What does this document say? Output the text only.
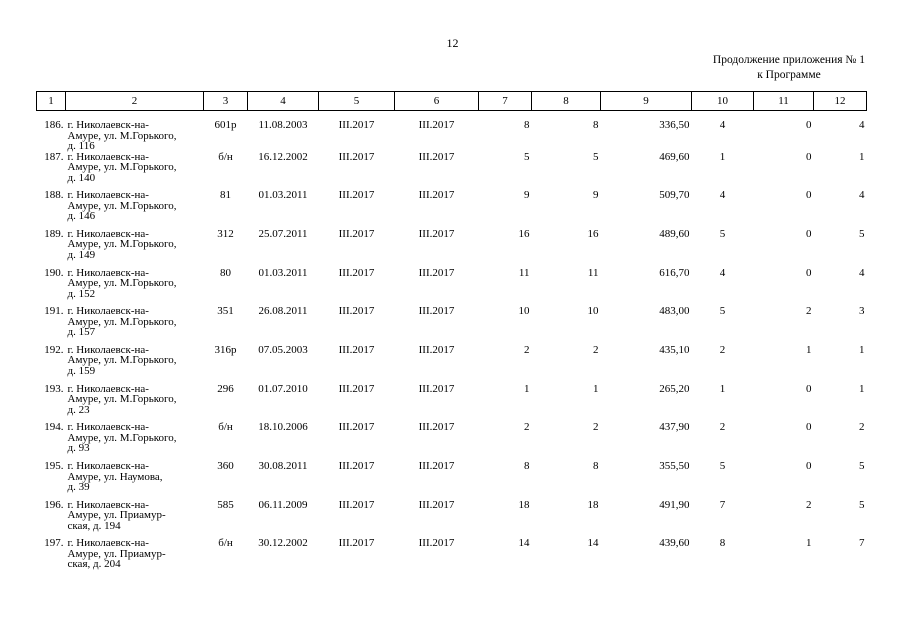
12
Продолжение приложения № 1
к Программе
1	2	3	4	5	6	7	8	9	10	11	12
186.	г. Николаевск-на-
Амуре, ул. М.Горького,
д. 116	601р	11.08.2003	III.2017	III.2017	8	8	336,50	4	0	4
187.	г. Николаевск-на-
Амуре, ул. М.Горького,
д. 140	б/н	16.12.2002	III.2017	III.2017	5	5	469,60	1	0	1
188.	г. Николаевск-на-
Амуре, ул. М.Горького,
д. 146	81	01.03.2011	III.2017	III.2017	9	9	509,70	4	0	4
189.	г. Николаевск-на-
Амуре, ул. М.Горького,
д. 149	312	25.07.2011	III.2017	III.2017	16	16	489,60	5	0	5
190.	г. Николаевск-на-
Амуре, ул. М.Горького,
д. 152	80	01.03.2011	III.2017	III.2017	11	11	616,70	4	0	4
191.	г. Николаевск-на-
Амуре, ул. М.Горького,
д. 157	351	26.08.2011	III.2017	III.2017	10	10	483,00	5	2	3
192.	г. Николаевск-на-
Амуре, ул. М.Горького,
д. 159	316р	07.05.2003	III.2017	III.2017	2	2	435,10	2	1	1
193.	г. Николаевск-на-
Амуре, ул. М.Горького,
д. 23	296	01.07.2010	III.2017	III.2017	1	1	265,20	1	0	1
194.	г. Николаевск-на-
Амуре, ул. М.Горького,
д. 93	б/н	18.10.2006	III.2017	III.2017	2	2	437,90	2	0	2
195.	г. Николаевск-на-
Амуре, ул. Наумова,
д. 39	360	30.08.2011	III.2017	III.2017	8	8	355,50	5	0	5
196.	г. Николаевск-на-
Амуре, ул. Приамур-
ская, д. 194	585	06.11.2009	III.2017	III.2017	18	18	491,90	7	2	5
197.	г. Николаевск-на-
Амуре, ул. Приамур-
ская, д. 204	б/н	30.12.2002	III.2017	III.2017	14	14	439,60	8	1	7
